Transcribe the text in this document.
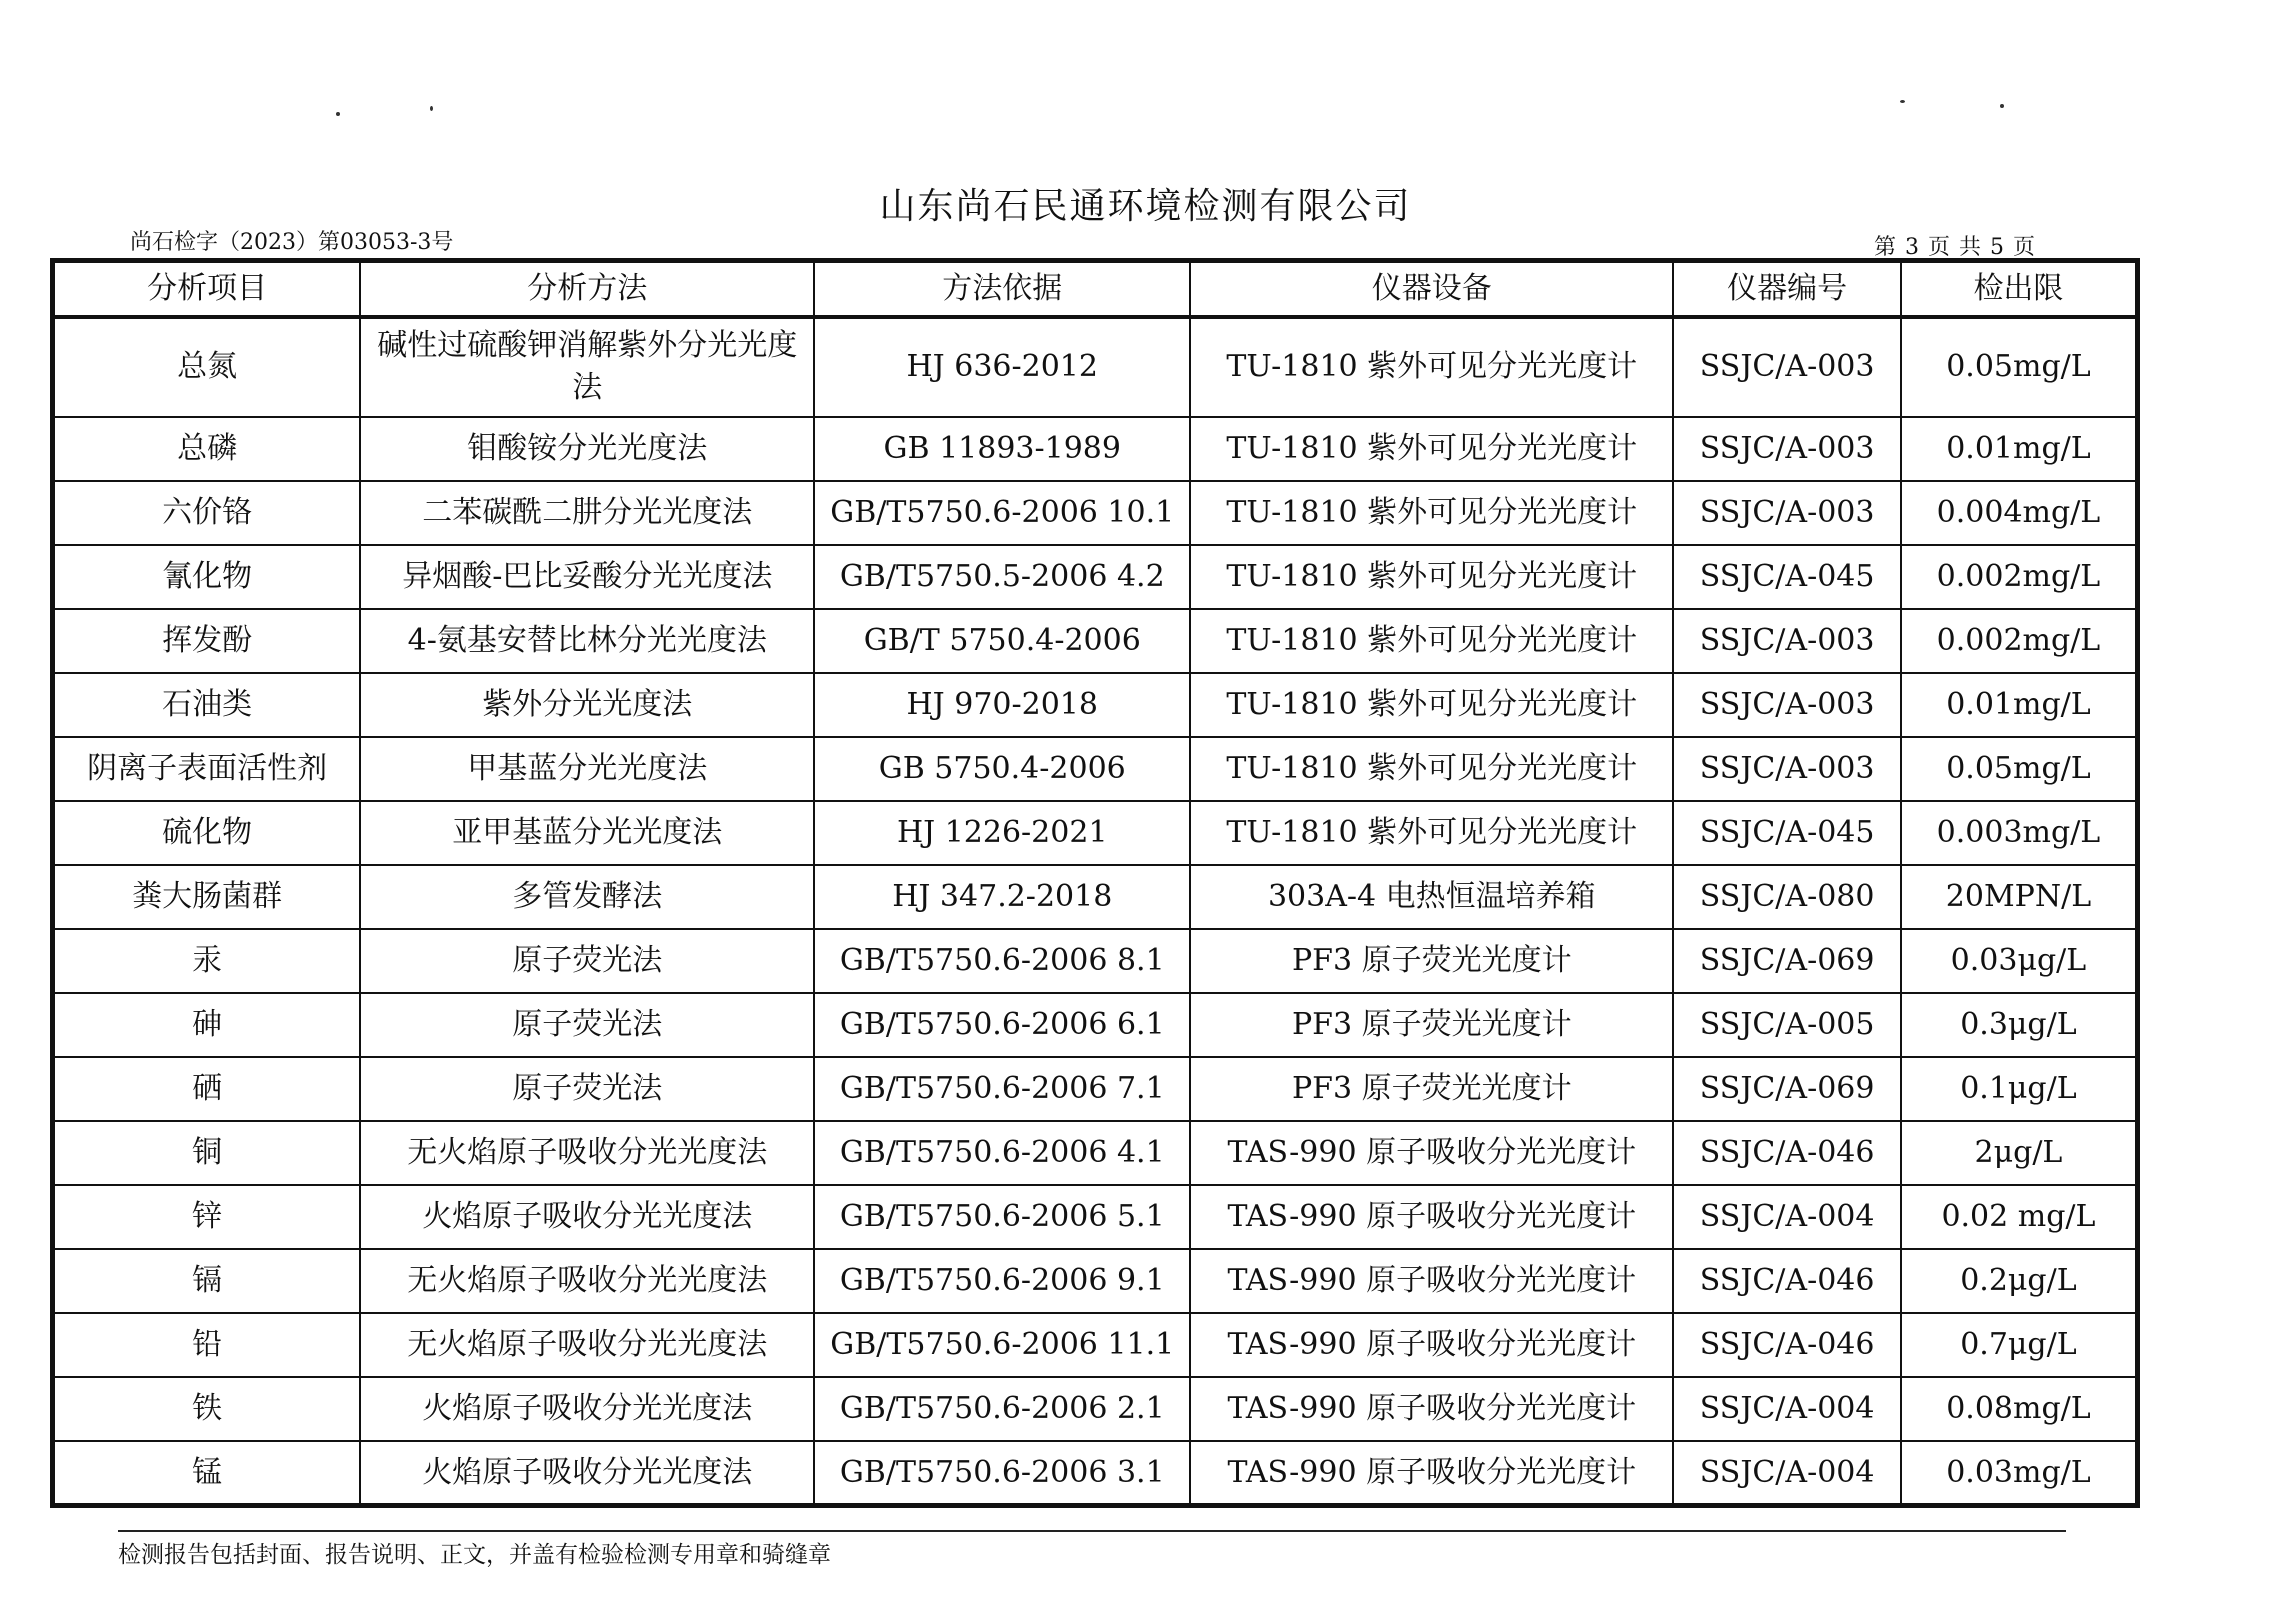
山东尚石民通环境检测有限公司
尚石检字（2023）第03053-3号	第 3 页 共 5 页
分析项目	分析方法	方法依据	仪器设备	仪器编号	检出限
总氮	碱性过硫酸钾消解紫外分光光度法	HJ 636-2012	TU-1810 紫外可见分光光度计	SSJC/A-003	0.05mg/L
总磷	钼酸铵分光光度法	GB 11893-1989	TU-1810 紫外可见分光光度计	SSJC/A-003	0.01mg/L
六价铬	二苯碳酰二肼分光光度法	GB/T5750.6-2006 10.1	TU-1810 紫外可见分光光度计	SSJC/A-003	0.004mg/L
氰化物	异烟酸-巴比妥酸分光光度法	GB/T5750.5-2006 4.2	TU-1810 紫外可见分光光度计	SSJC/A-045	0.002mg/L
挥发酚	4-氨基安替比林分光光度法	GB/T 5750.4-2006	TU-1810 紫外可见分光光度计	SSJC/A-003	0.002mg/L
石油类	紫外分光光度法	HJ 970-2018	TU-1810 紫外可见分光光度计	SSJC/A-003	0.01mg/L
阴离子表面活性剂	甲基蓝分光光度法	GB 5750.4-2006	TU-1810 紫外可见分光光度计	SSJC/A-003	0.05mg/L
硫化物	亚甲基蓝分光光度法	HJ 1226-2021	TU-1810 紫外可见分光光度计	SSJC/A-045	0.003mg/L
粪大肠菌群	多管发酵法	HJ 347.2-2018	303A-4 电热恒温培养箱	SSJC/A-080	20MPN/L
汞	原子荧光法	GB/T5750.6-2006 8.1	PF3 原子荧光光度计	SSJC/A-069	0.03μg/L
砷	原子荧光法	GB/T5750.6-2006 6.1	PF3 原子荧光光度计	SSJC/A-005	0.3μg/L
硒	原子荧光法	GB/T5750.6-2006 7.1	PF3 原子荧光光度计	SSJC/A-069	0.1μg/L
铜	无火焰原子吸收分光光度法	GB/T5750.6-2006 4.1	TAS-990 原子吸收分光光度计	SSJC/A-046	2μg/L
锌	火焰原子吸收分光光度法	GB/T5750.6-2006 5.1	TAS-990 原子吸收分光光度计	SSJC/A-004	0.02 mg/L
镉	无火焰原子吸收分光光度法	GB/T5750.6-2006 9.1	TAS-990 原子吸收分光光度计	SSJC/A-046	0.2μg/L
铅	无火焰原子吸收分光光度法	GB/T5750.6-2006 11.1	TAS-990 原子吸收分光光度计	SSJC/A-046	0.7μg/L
铁	火焰原子吸收分光光度法	GB/T5750.6-2006 2.1	TAS-990 原子吸收分光光度计	SSJC/A-004	0.08mg/L
锰	火焰原子吸收分光光度法	GB/T5750.6-2006 3.1	TAS-990 原子吸收分光光度计	SSJC/A-004	0.03mg/L
检测报告包括封面、报告说明、正文，并盖有检验检测专用章和骑缝章
